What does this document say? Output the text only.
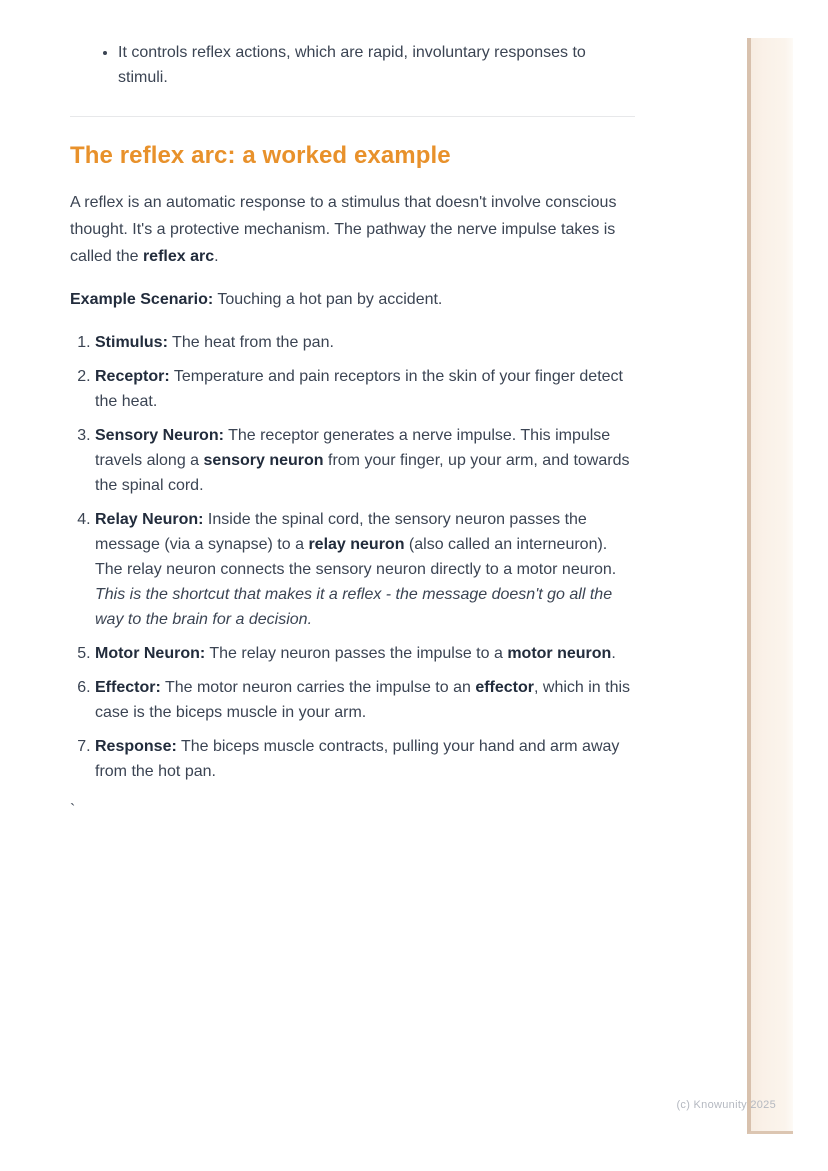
• It controls reflex actions, which are rapid, involuntary responses to stimuli.
The reflex arc: a worked example

A reflex is an automatic response to a stimulus that doesn't involve conscious thought. It's a protective mechanism. The pathway the nerve impulse takes is called the reflex arc.

Example Scenario: Touching a hot pan by accident.

1. Stimulus: The heat from the pan.
2. Receptor: Temperature and pain receptors in the skin of your finger detect the heat.
3. Sensory Neuron: The receptor generates a nerve impulse. This impulse travels along a sensory neuron from your finger, up your arm, and towards the spinal cord.
4. Relay Neuron: Inside the spinal cord, the sensory neuron passes the message (via a synapse) to a relay neuron (also called an interneuron). The relay neuron connects the sensory neuron directly to a motor neuron. This is the shortcut that makes it a reflex - the message doesn't go all the way to the brain for a decision.
5. Motor Neuron: The relay neuron passes the impulse to a motor neuron.
6. Effector: The motor neuron carries the impulse to an effector, which in this case is the biceps muscle in your arm.
7. Response: The biceps muscle contracts, pulling your hand and arm away from the hot pan.

`

(c) Knowunity 2025
